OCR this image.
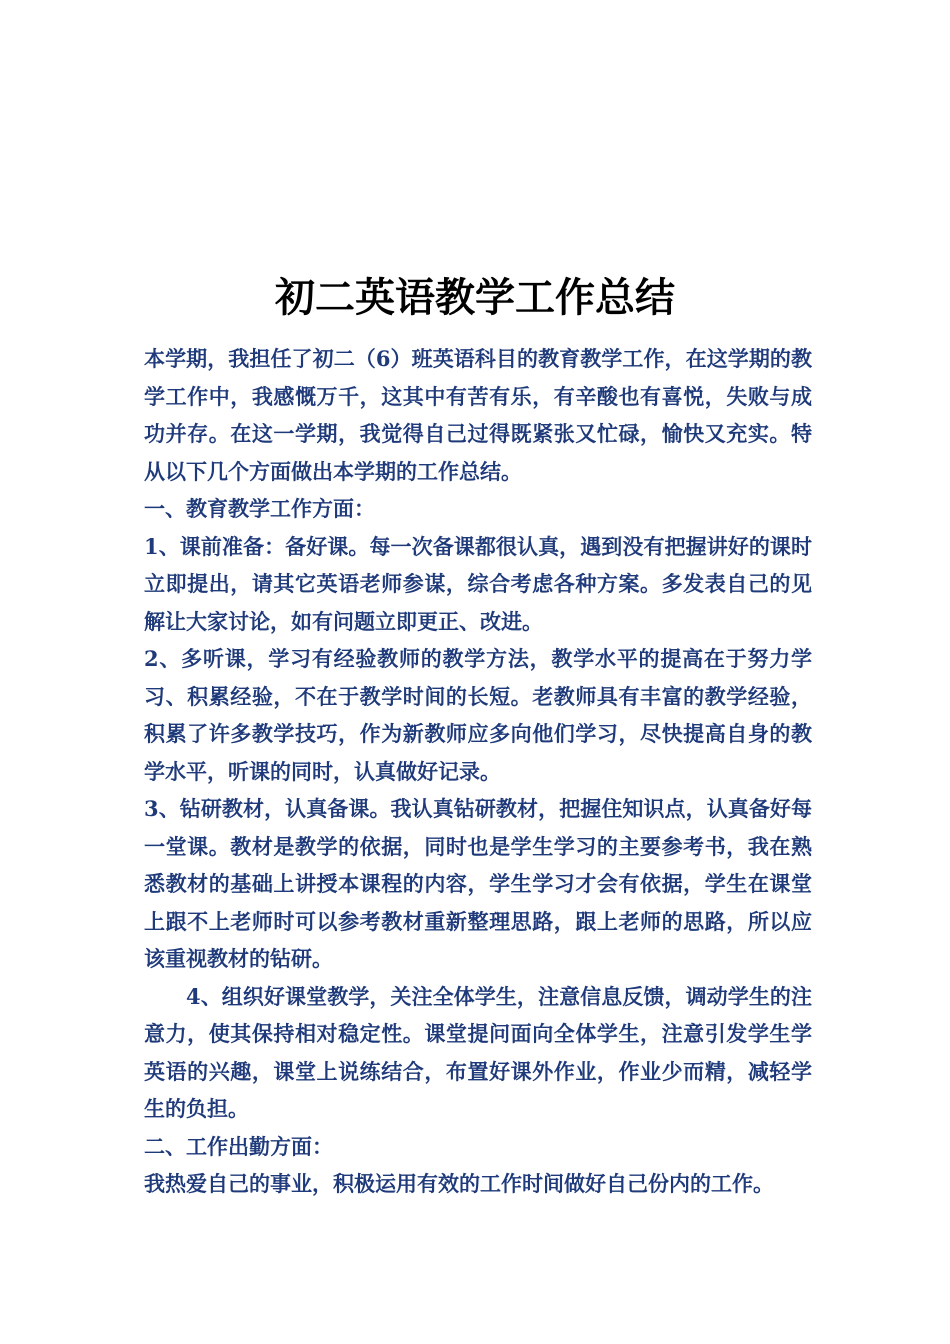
初二英语教学工作总结

本学期，我担任了初二（6）班英语科目的教育教学工作，在这学期的教学工作中，我感慨万千，这其中有苦有乐，有辛酸也有喜悦，失败与成功并存。在这一学期，我觉得自己过得既紧张又忙碌，愉快又充实。特从以下几个方面做出本学期的工作总结。

一、教育教学工作方面：

1、课前准备：备好课。每一次备课都很认真，遇到没有把握讲好的课时立即提出，请其它英语老师参谋，综合考虑各种方案。多发表自己的见解让大家讨论，如有问题立即更正、改进。

2、多听课，学习有经验教师的教学方法，教学水平的提高在于努力学习、积累经验，不在于教学时间的长短。老教师具有丰富的教学经验，积累了许多教学技巧，作为新教师应多向他们学习，尽快提高自身的教学水平，听课的同时，认真做好记录。

3、钻研教材，认真备课。我认真钻研教材，把握住知识点，认真备好每一堂课。教材是教学的依据，同时也是学生学习的主要参考书，我在熟悉教材的基础上讲授本课程的内容，学生学习才会有依据，学生在课堂上跟不上老师时可以参考教材重新整理思路，跟上老师的思路，所以应该重视教材的钻研。

4、组织好课堂教学，关注全体学生，注意信息反馈，调动学生的注意力，使其保持相对稳定性。课堂提问面向全体学生，注意引发学生学英语的兴趣，课堂上说练结合，布置好课外作业，作业少而精，减轻学生的负担。

二、工作出勤方面：

我热爱自己的事业，积极运用有效的工作时间做好自己份内的工作。
